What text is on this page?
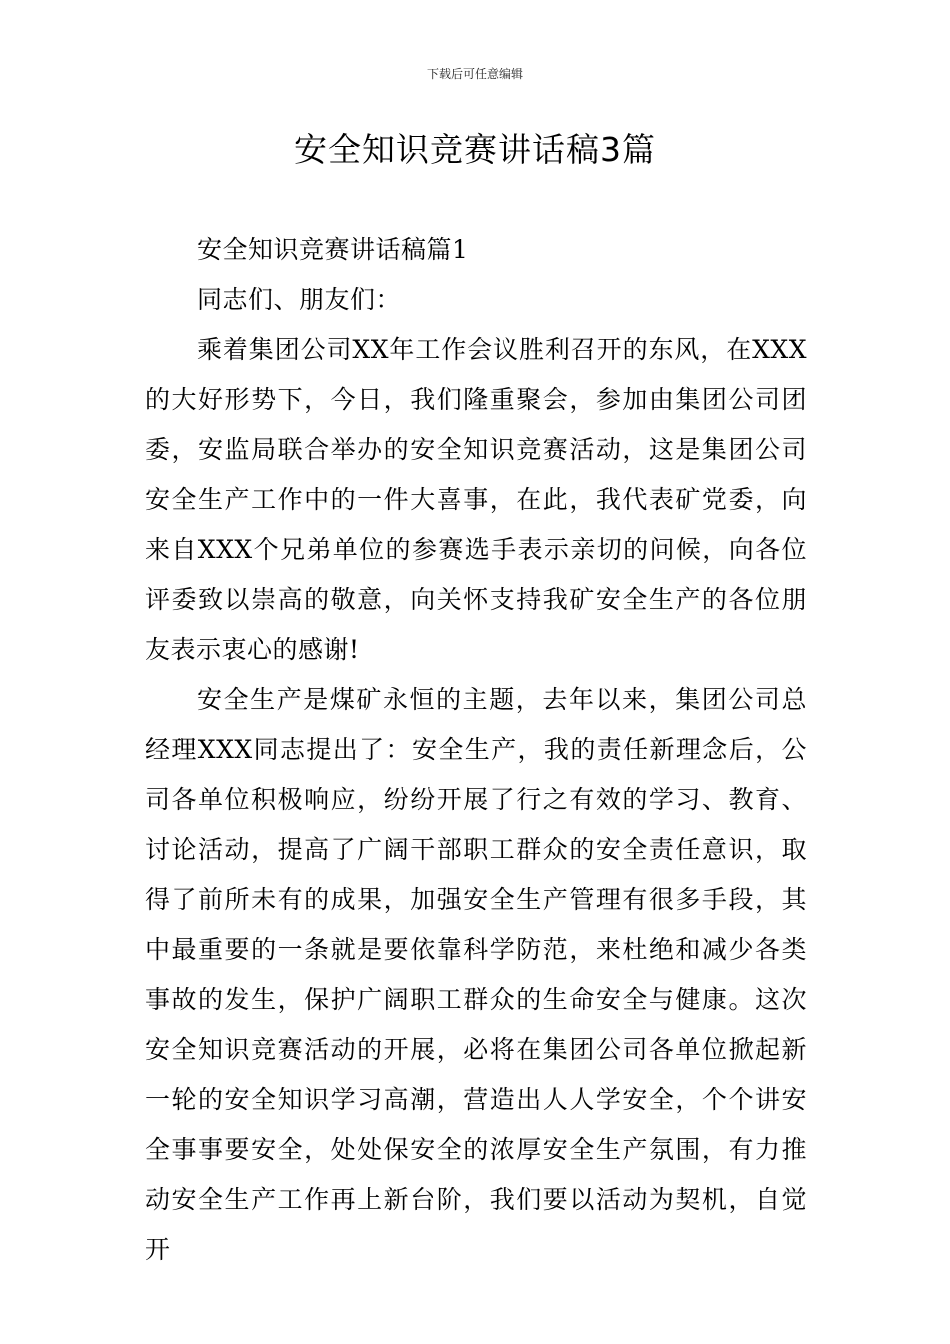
下载后可任意编辑
安全知识竞赛讲话稿3篇

安全知识竞赛讲话稿篇1

同志们、朋友们：

乘着集团公司XX年工作会议胜利召开的东风，在XXX的大好形势下，今日，我们隆重聚会，参加由集团公司团委，安监局联合举办的安全知识竞赛活动，这是集团公司安全生产工作中的一件大喜事，在此，我代表矿党委，向来自XXX个兄弟单位的参赛选手表示亲切的问候，向各位评委致以崇高的敬意，向关怀支持我矿安全生产的各位朋友表示衷心的感谢!

安全生产是煤矿永恒的主题，去年以来，集团公司总经理XXX同志提出了：安全生产，我的责任新理念后，公司各单位积极响应，纷纷开展了行之有效的学习、教育、讨论活动，提高了广阔干部职工群众的安全责任意识，取得了前所未有的成果，加强安全生产管理有很多手段，其中最重要的一条就是要依靠科学防范，来杜绝和减少各类事故的发生，保护广阔职工群众的生命安全与健康。这次安全知识竞赛活动的开展，必将在集团公司各单位掀起新一轮的安全知识学习高潮，营造出人人学安全，个个讲安全事事要安全，处处保安全的浓厚安全生产氛围，有力推动安全生产工作再上新台阶，我们要以活动为契机，自觉开
